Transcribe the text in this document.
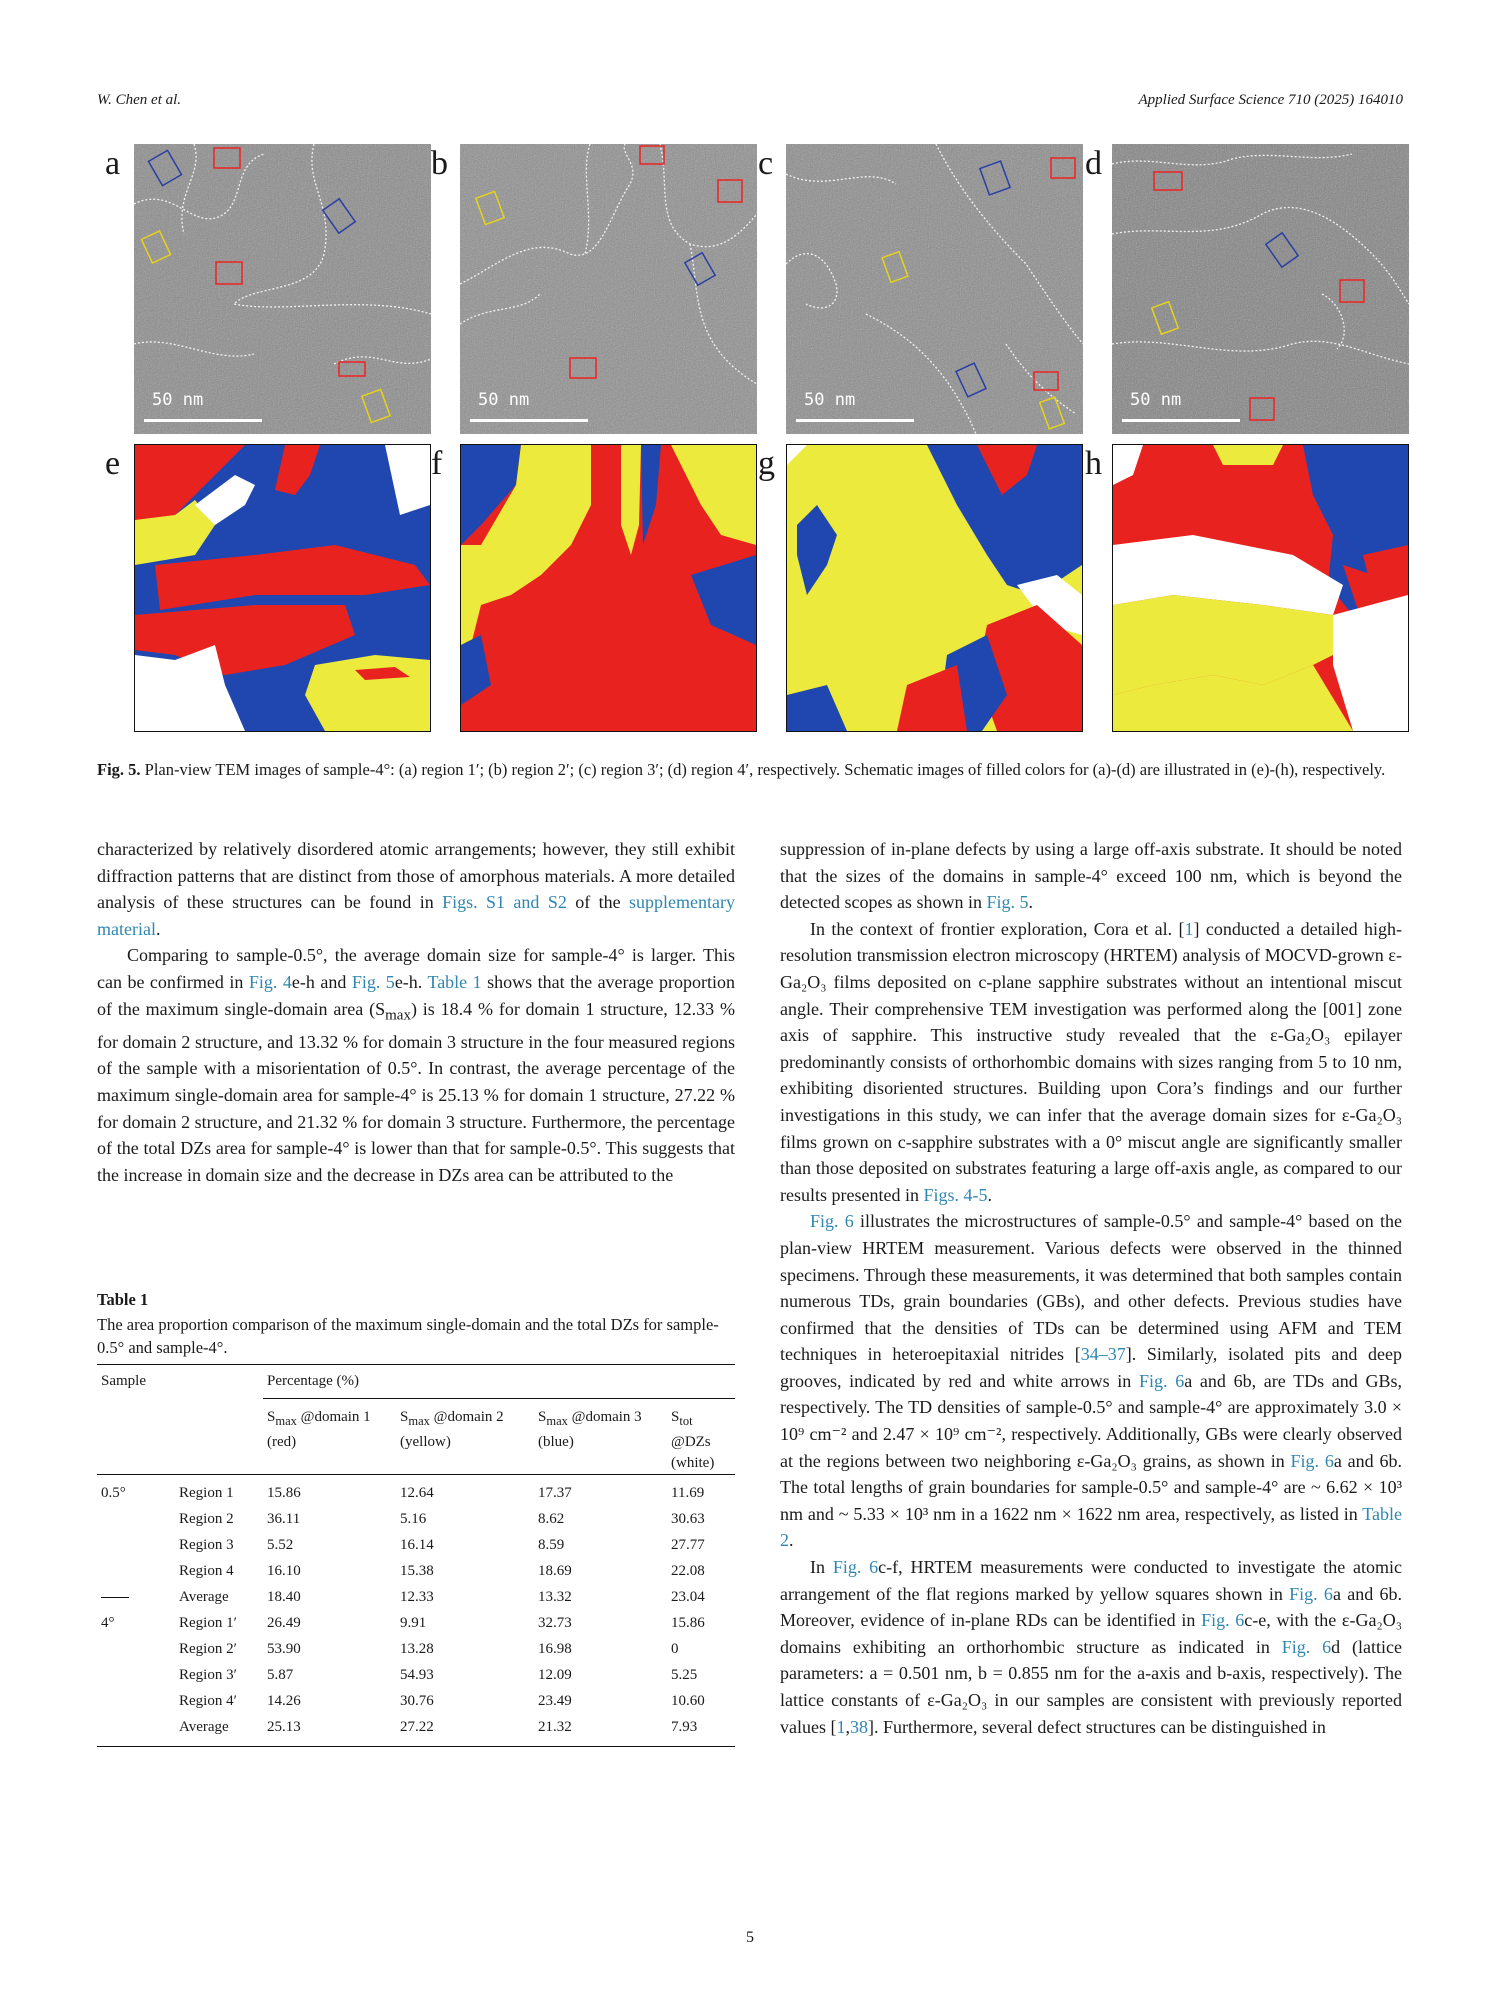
W. Chen et al.	Applied Surface Science 710 (2025) 164010
a
50 nm
b
50 nm
c
50 nm
d
50 nm
e	f	g	h
Fig. 5. Plan-view TEM images of sample-4°: (a) region 1′; (b) region 2′; (c) region 3′; (d) region 4′, respectively. Schematic images of filled colors for (a)-(d) are illustrated in (e)-(h), respectively.

characterized by relatively disordered atomic arrangements; however, they still exhibit diffraction patterns that are distinct from those of amorphous materials. A more detailed analysis of these structures can be found in Figs. S1 and S2 of the supplementary material.

Comparing to sample-0.5°, the average domain size for sample-4° is larger. This can be confirmed in Fig. 4e-h and Fig. 5e-h. Table 1 shows that the average proportion of the maximum single-domain area $(S_{max})$ is 18.4 % for domain 1 structure, 12.33 % for domain 2 structure, and 13.32 % for domain 3 structure in the four measured regions of the sample with a misorientation of 0.5°. In contrast, the average percentage of the maximum single-domain area for sample-4° is 25.13 % for domain 1 structure, 27.22 % for domain 2 structure, and 21.32 % for domain 3 structure. Furthermore, the percentage of the total DZs area for sample-4° is lower than that for sample-0.5°. This suggests that the increase in domain size and the decrease in DZs area can be attributed to the

Table 1
The area proportion comparison of the maximum single-domain and the total DZs for sample-0.5° and sample-4°.
Sample		Percentage (%)			
		$S_{max}$ @domain 1 (red)	$S_{max}$ @domain 2 (yellow)	$S_{max}$ @domain 3 (blue)	$S_{tot}$ @DZs (white)
0.5°	Region 1	15.86	12.64	17.37	11.69
	Region 2	36.11	5.16	8.62	30.63
	Region 3	5.52	16.14	8.59	27.77
	Region 4	16.10	15.38	18.69	22.08

	Average	18.40	12.33	13.32	23.04
4°	Region 1′	26.49	9.91	32.73	15.86
	Region 2′	53.90	13.28	16.98	0
	Region 3′	5.87	54.93	12.09	5.25
	Region 4′	14.26	30.76	23.49	10.60
	Average	25.13	27.22	21.32	7.93

suppression of in-plane defects by using a large off-axis substrate. It should be noted that the sizes of the domains in sample-4° exceed 100 nm, which is beyond the detected scopes as shown in Fig. 5.

In the context of frontier exploration, Cora et al. [1] conducted a detailed high-resolution transmission electron microscopy (HRTEM) analysis of MOCVD-grown ε-Ga₂O₃ films deposited on c-plane sapphire substrates without an intentional miscut angle. Their comprehensive TEM investigation was performed along the [001] zone axis of sapphire. This instructive study revealed that the ε-Ga₂O₃ epilayer predominantly consists of orthorhombic domains with sizes ranging from 5 to 10 nm, exhibiting disoriented structures. Building upon Cora’s findings and our further investigations in this study, we can infer that the average domain sizes for ε-Ga₂O₃ films grown on c-sapphire substrates with a 0° miscut angle are significantly smaller than those deposited on substrates featuring a large off-axis angle, as compared to our results presented in Figs. 4-5.

Fig. 6 illustrates the microstructures of sample-0.5° and sample-4° based on the plan-view HRTEM measurement. Various defects were observed in the thinned specimens. Through these measurements, it was determined that both samples contain numerous TDs, grain boundaries (GBs), and other defects. Previous studies have confirmed that the densities of TDs can be determined using AFM and TEM techniques in heteroepitaxial nitrides [34–37]. Similarly, isolated pits and deep grooves, indicated by red and white arrows in Fig. 6a and 6b, are TDs and GBs, respectively. The TD densities of sample-0.5° and sample-4° are approximately 3.0 × 10⁹ cm⁻² and 2.47 × 10⁹ cm⁻², respectively. Additionally, GBs were clearly observed at the regions between two neighboring ε-Ga₂O₃ grains, as shown in Fig. 6a and 6b. The total lengths of grain boundaries for sample-0.5° and sample-4° are ~ 6.62 × 10³ nm and ~ 5.33 × 10³ nm in a 1622 nm × 1622 nm area, respectively, as listed in Table 2.

In Fig. 6c-f, HRTEM measurements were conducted to investigate the atomic arrangement of the flat regions marked by yellow squares shown in Fig. 6a and 6b. Moreover, evidence of in-plane RDs can be identified in Fig. 6c-e, with the ε-Ga₂O₃ domains exhibiting an orthorhombic structure as indicated in Fig. 6d (lattice parameters: a = 0.501 nm, b = 0.855 nm for the a-axis and b-axis, respectively). The lattice constants of ε-Ga₂O₃ in our samples are consistent with previously reported values [1,38]. Furthermore, several defect structures can be distinguished in

5
